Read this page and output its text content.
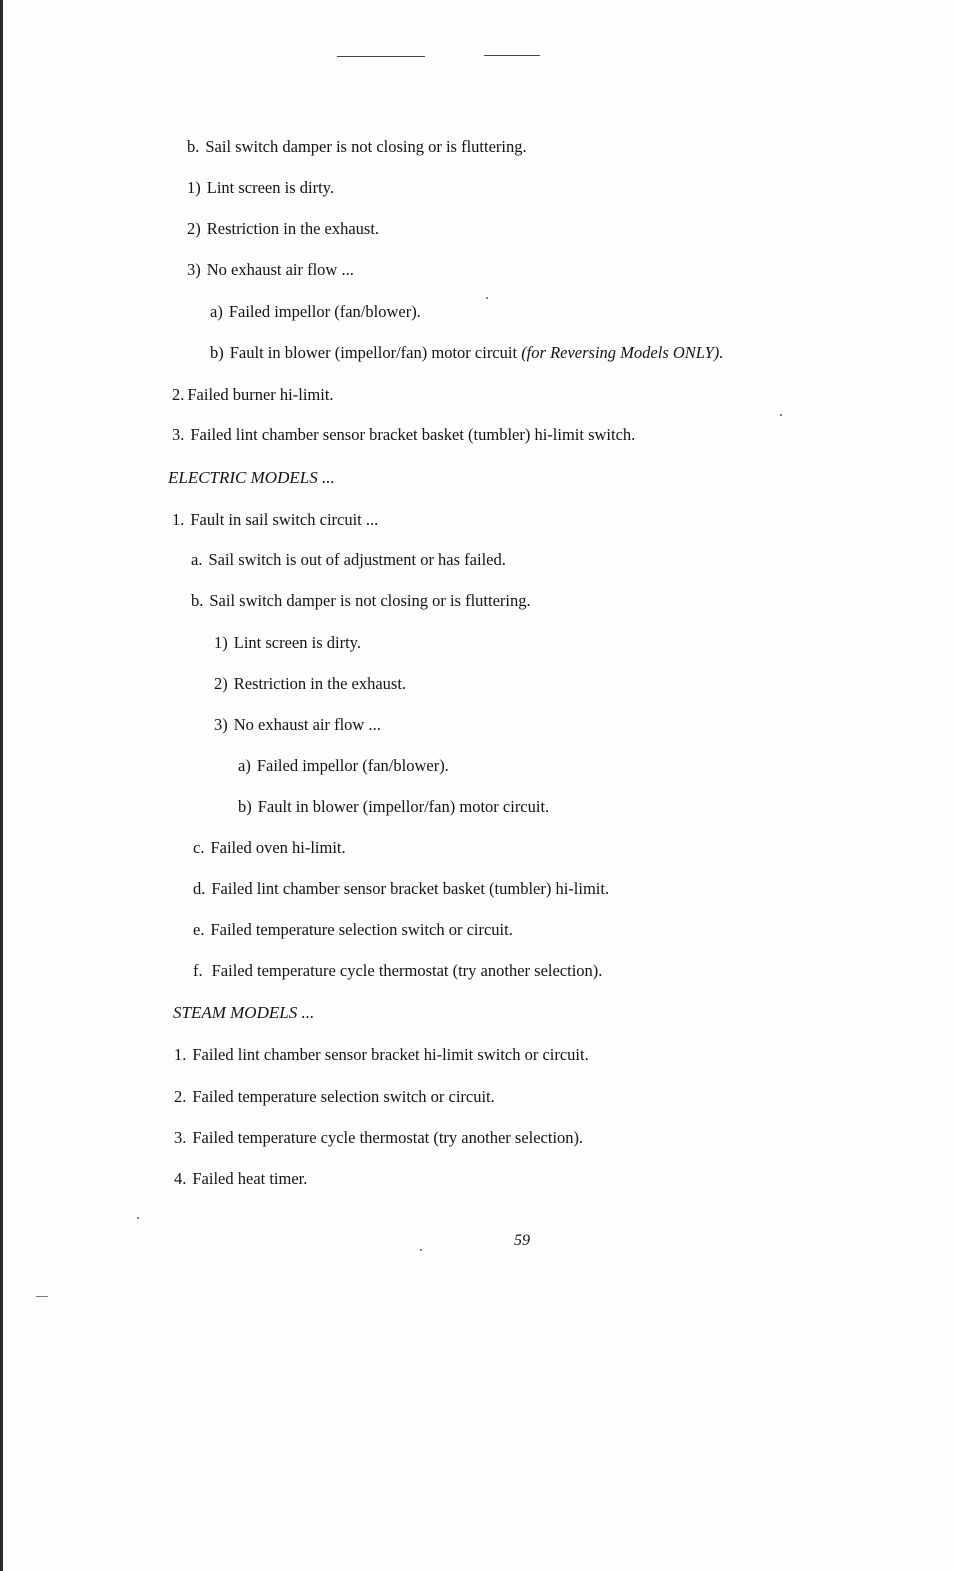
b. Sail switch damper is not closing or is fluttering.
1) Lint screen is dirty.
2) Restriction in the exhaust.
3) No exhaust air flow ...
a) Failed impellor (fan/blower).
b) Fault in blower (impellor/fan) motor circuit (for Reversing Models ONLY).
2. Failed burner hi-limit.
3. Failed lint chamber sensor bracket basket (tumbler) hi-limit switch.
ELECTRIC MODELS ...
1. Fault in sail switch circuit ...
a. Sail switch is out of adjustment or has failed.
b. Sail switch damper is not closing or is fluttering.
1) Lint screen is dirty.
2) Restriction in the exhaust.
3) No exhaust air flow ...
a) Failed impellor (fan/blower).
b) Fault in blower (impellor/fan) motor circuit.
c. Failed oven hi-limit.
d. Failed lint chamber sensor bracket basket (tumbler) hi-limit.
e. Failed temperature selection switch or circuit.
f. Failed temperature cycle thermostat (try another selection).
STEAM MODELS ...
1. Failed lint chamber sensor bracket hi-limit switch or circuit.
2. Failed temperature selection switch or circuit.
3. Failed temperature cycle thermostat (try another selection).
4. Failed heat timer.
59
